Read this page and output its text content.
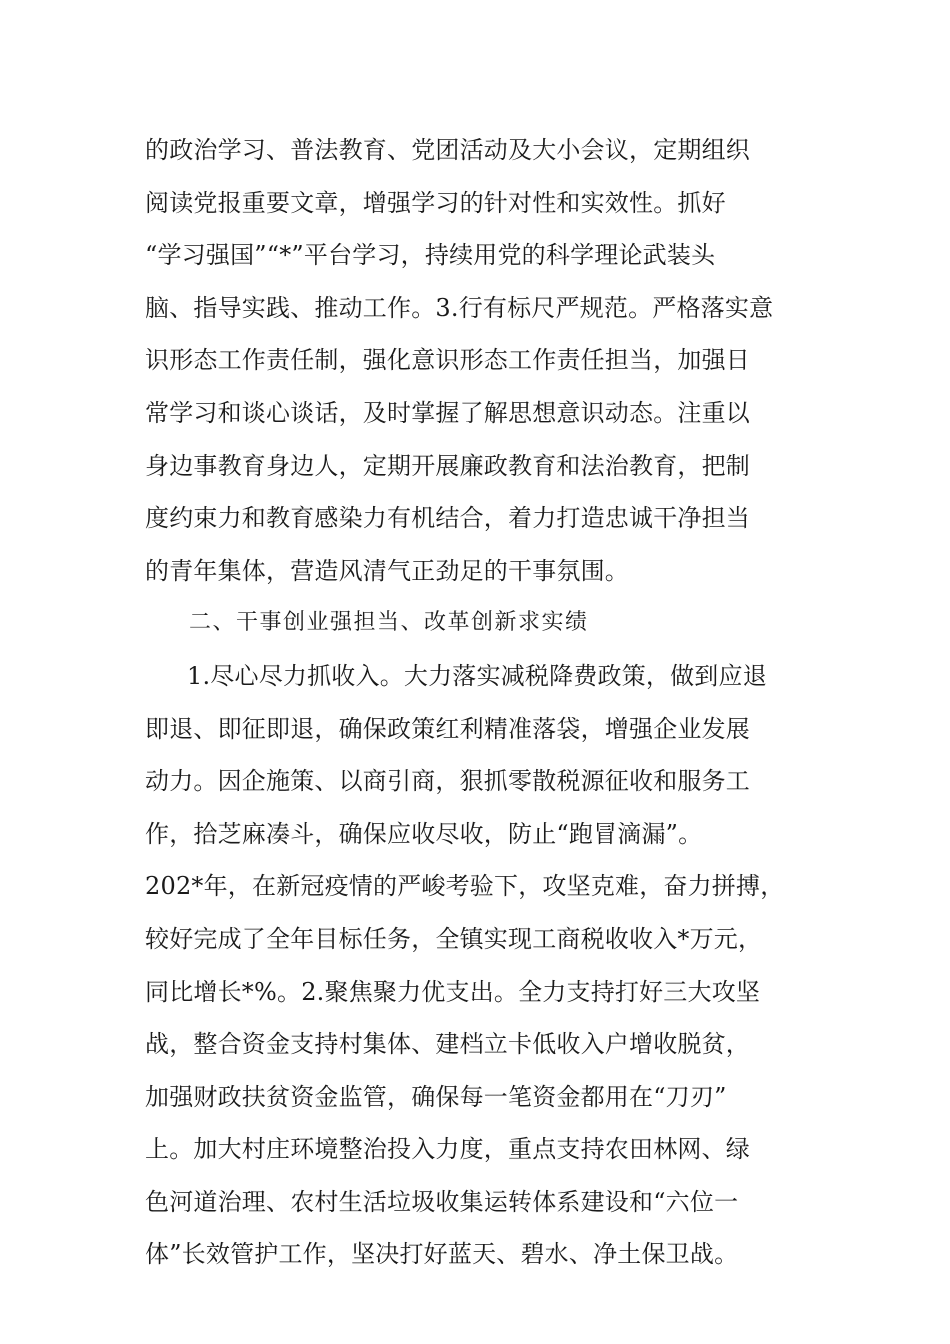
的政治学习、普法教育、党团活动及大小会议，定期组织
阅读党报重要文章，增强学习的针对性和实效性。抓好
“学习强国”“*”平台学习，持续用党的科学理论武装头
脑、指导实践、推动工作。3.行有标尺严规范。严格落实意
识形态工作责任制，强化意识形态工作责任担当，加强日
常学习和谈心谈话，及时掌握了解思想意识动态。注重以
身边事教育身边人，定期开展廉政教育和法治教育，把制
度约束力和教育感染力有机结合，着力打造忠诚干净担当
的青年集体，营造风清气正劲足的干事氛围。
二、干事创业强担当、改革创新求实绩
1.尽心尽力抓收入。大力落实减税降费政策，做到应退
即退、即征即退，确保政策红利精准落袋，增强企业发展
动力。因企施策、以商引商，狠抓零散税源征收和服务工
作，拾芝麻凑斗，确保应收尽收，防止“跑冒滴漏”。
202*年，在新冠疫情的严峻考验下，攻坚克难，奋力拼搏，
较好完成了全年目标任务，全镇实现工商税收收入*万元，
同比增长*%。2.聚焦聚力优支出。全力支持打好三大攻坚
战，整合资金支持村集体、建档立卡低收入户增收脱贫，
加强财政扶贫资金监管，确保每一笔资金都用在“刀刃”
上。加大村庄环境整治投入力度，重点支持农田林网、绿
色河道治理、农村生活垃圾收集运转体系建设和“六位一
体”长效管护工作，坚决打好蓝天、碧水、净土保卫战。
